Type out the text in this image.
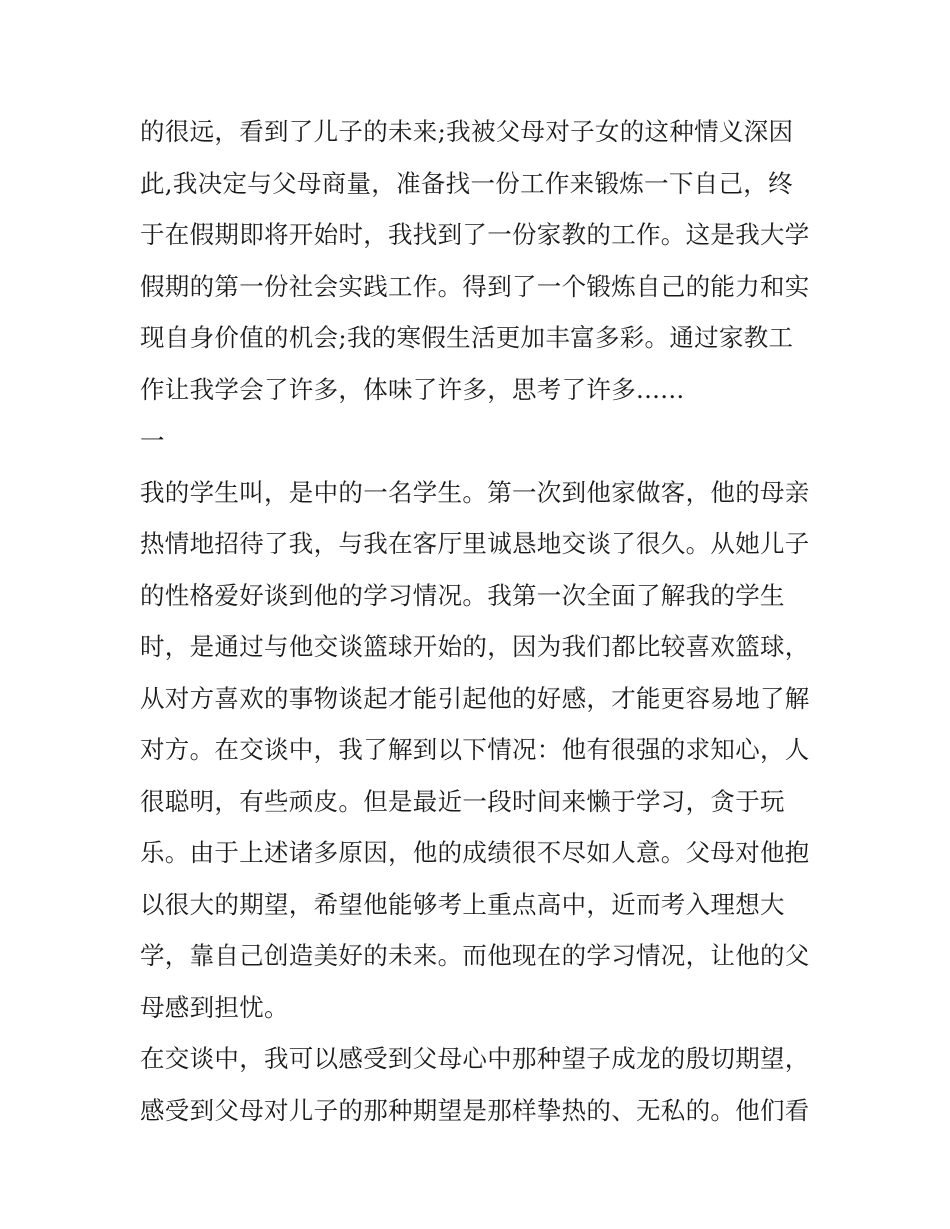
的很远，看到了儿子的未来;我被父母对子女的这种情义深因
此,我决定与父母商量，准备找一份工作来锻炼一下自己，终
于在假期即将开始时，我找到了一份家教的工作。这是我大学
假期的第一份社会实践工作。得到了一个锻炼自己的能力和实
现自身价值的机会;我的寒假生活更加丰富多彩。通过家教工
作让我学会了许多，体味了许多，思考了许多......
一
我的学生叫，是中的一名学生。第一次到他家做客，他的母亲
热情地招待了我，与我在客厅里诚恳地交谈了很久。从她儿子
的性格爱好谈到他的学习情况。我第一次全面了解我的学生
时，是通过与他交谈篮球开始的，因为我们都比较喜欢篮球，
从对方喜欢的事物谈起才能引起他的好感，才能更容易地了解
对方。在交谈中，我了解到以下情况：他有很强的求知心，人
很聪明，有些顽皮。但是最近一段时间来懒于学习，贪于玩
乐。由于上述诸多原因，他的成绩很不尽如人意。父母对他抱
以很大的期望，希望他能够考上重点高中，近而考入理想大
学，靠自己创造美好的未来。而他现在的学习情况，让他的父
母感到担忧。
在交谈中，我可以感受到父母心中那种望子成龙的殷切期望，
感受到父母对儿子的那种期望是那样挚热的、无私的。他们看
